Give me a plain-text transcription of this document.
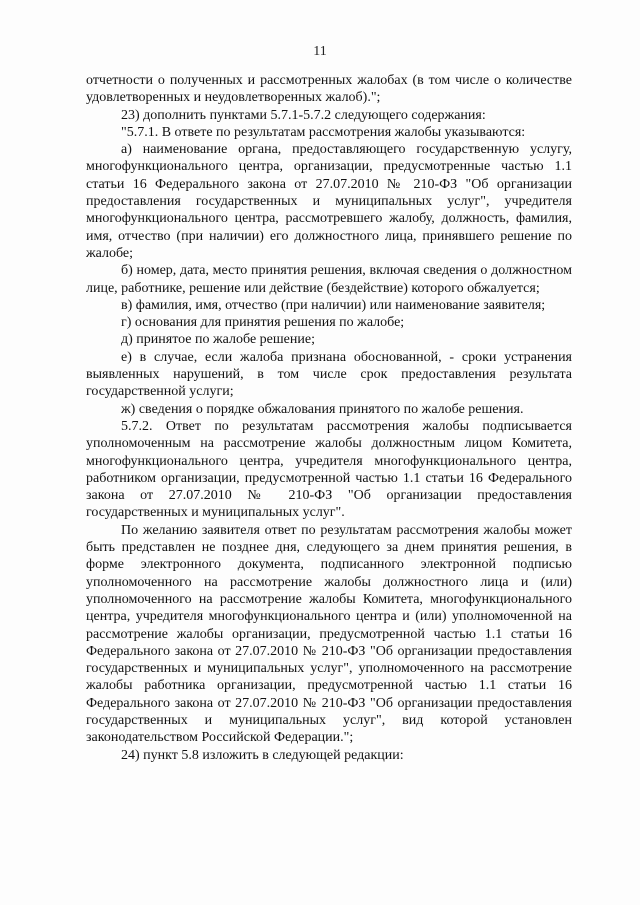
11

отчетности о полученных и рассмотренных жалобах (в том числе о количестве удовлетворенных и неудовлетворенных жалоб).";

23) дополнить пунктами 5.7.1-5.7.2 следующего содержания:

"5.7.1. В ответе по результатам рассмотрения жалобы указываются:

а) наименование органа, предоставляющего государственную услугу, многофункционального центра, организации, предусмотренные частью 1.1 статьи 16 Федерального закона от 27.07.2010 № 210-ФЗ "Об организации предоставления государственных и муниципальных услуг", учредителя многофункционального центра, рассмотревшего жалобу, должность, фамилия, имя, отчество (при наличии) его должностного лица, принявшего решение по жалобе;

б) номер, дата, место принятия решения, включая сведения о должностном лице, работнике, решение или действие (бездействие) которого обжалуется;

в) фамилия, имя, отчество (при наличии) или наименование заявителя;

г) основания для принятия решения по жалобе;

д) принятое по жалобе решение;

е) в случае, если жалоба признана обоснованной, - сроки устранения выявленных нарушений, в том числе срок предоставления результата государственной услуги;

ж) сведения о порядке обжалования принятого по жалобе решения.

5.7.2. Ответ по результатам рассмотрения жалобы подписывается уполномоченным на рассмотрение жалобы должностным лицом Комитета, многофункционального центра, учредителя многофункционального центра, работником организации, предусмотренной частью 1.1 статьи 16 Федерального закона от 27.07.2010 № 210-ФЗ "Об организации предоставления государственных и муниципальных услуг".

По желанию заявителя ответ по результатам рассмотрения жалобы может быть представлен не позднее дня, следующего за днем принятия решения, в форме электронного документа, подписанного электронной подписью уполномоченного на рассмотрение жалобы должностного лица и (или) уполномоченного на рассмотрение жалобы Комитета, многофункционального центра, учредителя многофункционального центра и (или) уполномоченной на рассмотрение жалобы организации, предусмотренной частью 1.1 статьи 16 Федерального закона от 27.07.2010 № 210-ФЗ "Об организации предоставления государственных и муниципальных услуг", уполномоченного на рассмотрение жалобы работника организации, предусмотренной частью 1.1 статьи 16 Федерального закона от 27.07.2010 № 210-ФЗ "Об организации предоставления государственных и муниципальных услуг", вид которой установлен законодательством Российской Федерации.";

24) пункт 5.8 изложить в следующей редакции:
